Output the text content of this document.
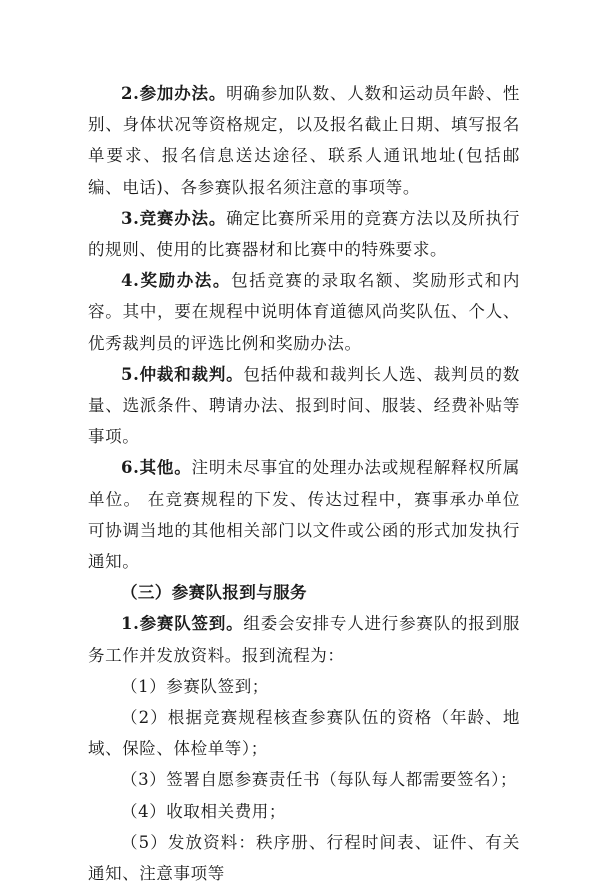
2.参加办法。明确参加队数、人数和运动员年龄、性别、身体状况等资格规定，以及报名截止日期、填写报名单要求、报名信息送达途径、联系人通讯地址(包括邮编、电话)、各参赛队报名须注意的事项等。

3.竞赛办法。确定比赛所采用的竞赛方法以及所执行的规则、使用的比赛器材和比赛中的特殊要求。

4.奖励办法。包括竞赛的录取名额、奖励形式和内容。其中，要在规程中说明体育道德风尚奖队伍、个人、优秀裁判员的评选比例和奖励办法。

5.仲裁和裁判。包括仲裁和裁判长人选、裁判员的数量、选派条件、聘请办法、报到时间、服装、经费补贴等事项。

6.其他。注明未尽事宜的处理办法或规程解释权所属单位。 在竞赛规程的下发、传达过程中，赛事承办单位可协调当地的其他相关部门以文件或公函的形式加发执行通知。

（三）参赛队报到与服务

1.参赛队签到。组委会安排专人进行参赛队的报到服务工作并发放资料。报到流程为：

（1）参赛队签到；

（2）根据竞赛规程核查参赛队伍的资格（年龄、地域、保险、体检单等）；

（3）签署自愿参赛责任书（每队每人都需要签名）；

（4）收取相关费用；

（5）发放资料：秩序册、行程时间表、证件、有关通知、注意事项等
